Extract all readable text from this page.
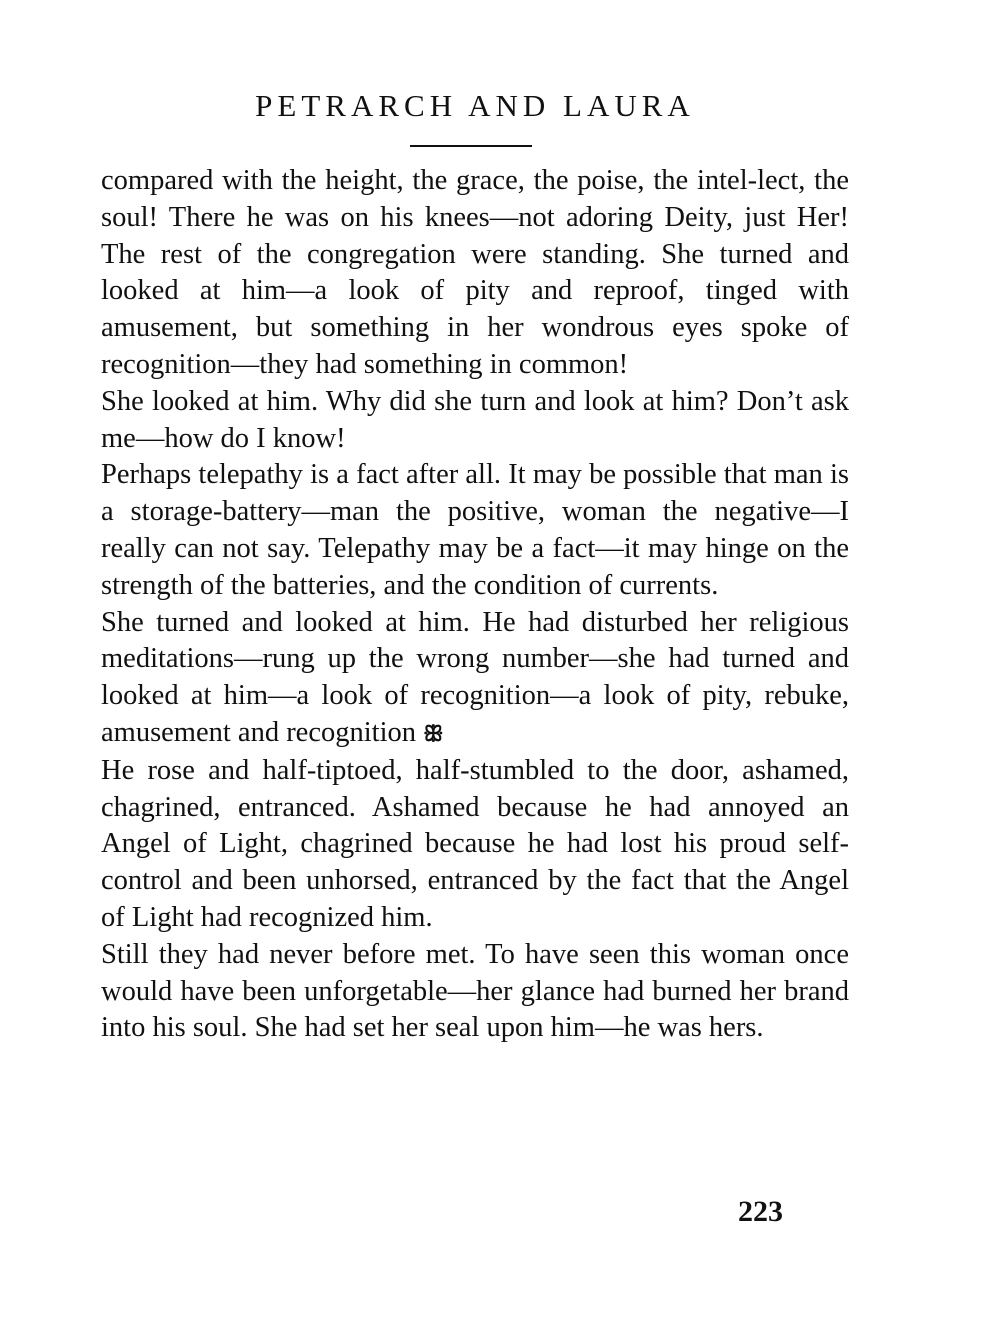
PETRARCH AND LAURA

compared with the height, the grace, the poise, the intel-lect, the soul! There he was on his knees—not adoring Deity, just Her! The rest of the congregation were standing. She turned and looked at him—a look of pity and reproof, tinged with amusement, but something in her wondrous eyes spoke of recognition—they had something in common!

She looked at him. Why did she turn and look at him? Don’t ask me—how do I know!

Perhaps telepathy is a fact after all. It may be possible that man is a storage-battery—man the positive, woman the negative—I really can not say. Telepathy may be a fact—it may hinge on the strength of the batteries, and the condition of currents.

She turned and looked at him. He had disturbed her religious meditations—rung up the wrong number—she had turned and looked at him—a look of recognition—a look of pity, rebuke, amusement and recognition ꕥ

He rose and half-tiptoed, half-stumbled to the door, ashamed, chagrined, entranced. Ashamed because he had annoyed an Angel of Light, chagrined because he had lost his proud self-control and been unhorsed, entranced by the fact that the Angel of Light had recognized him.

Still they had never before met. To have seen this woman once would have been unforgetable—her glance had burned her brand into his soul. She had set her seal upon him—he was hers.

223
